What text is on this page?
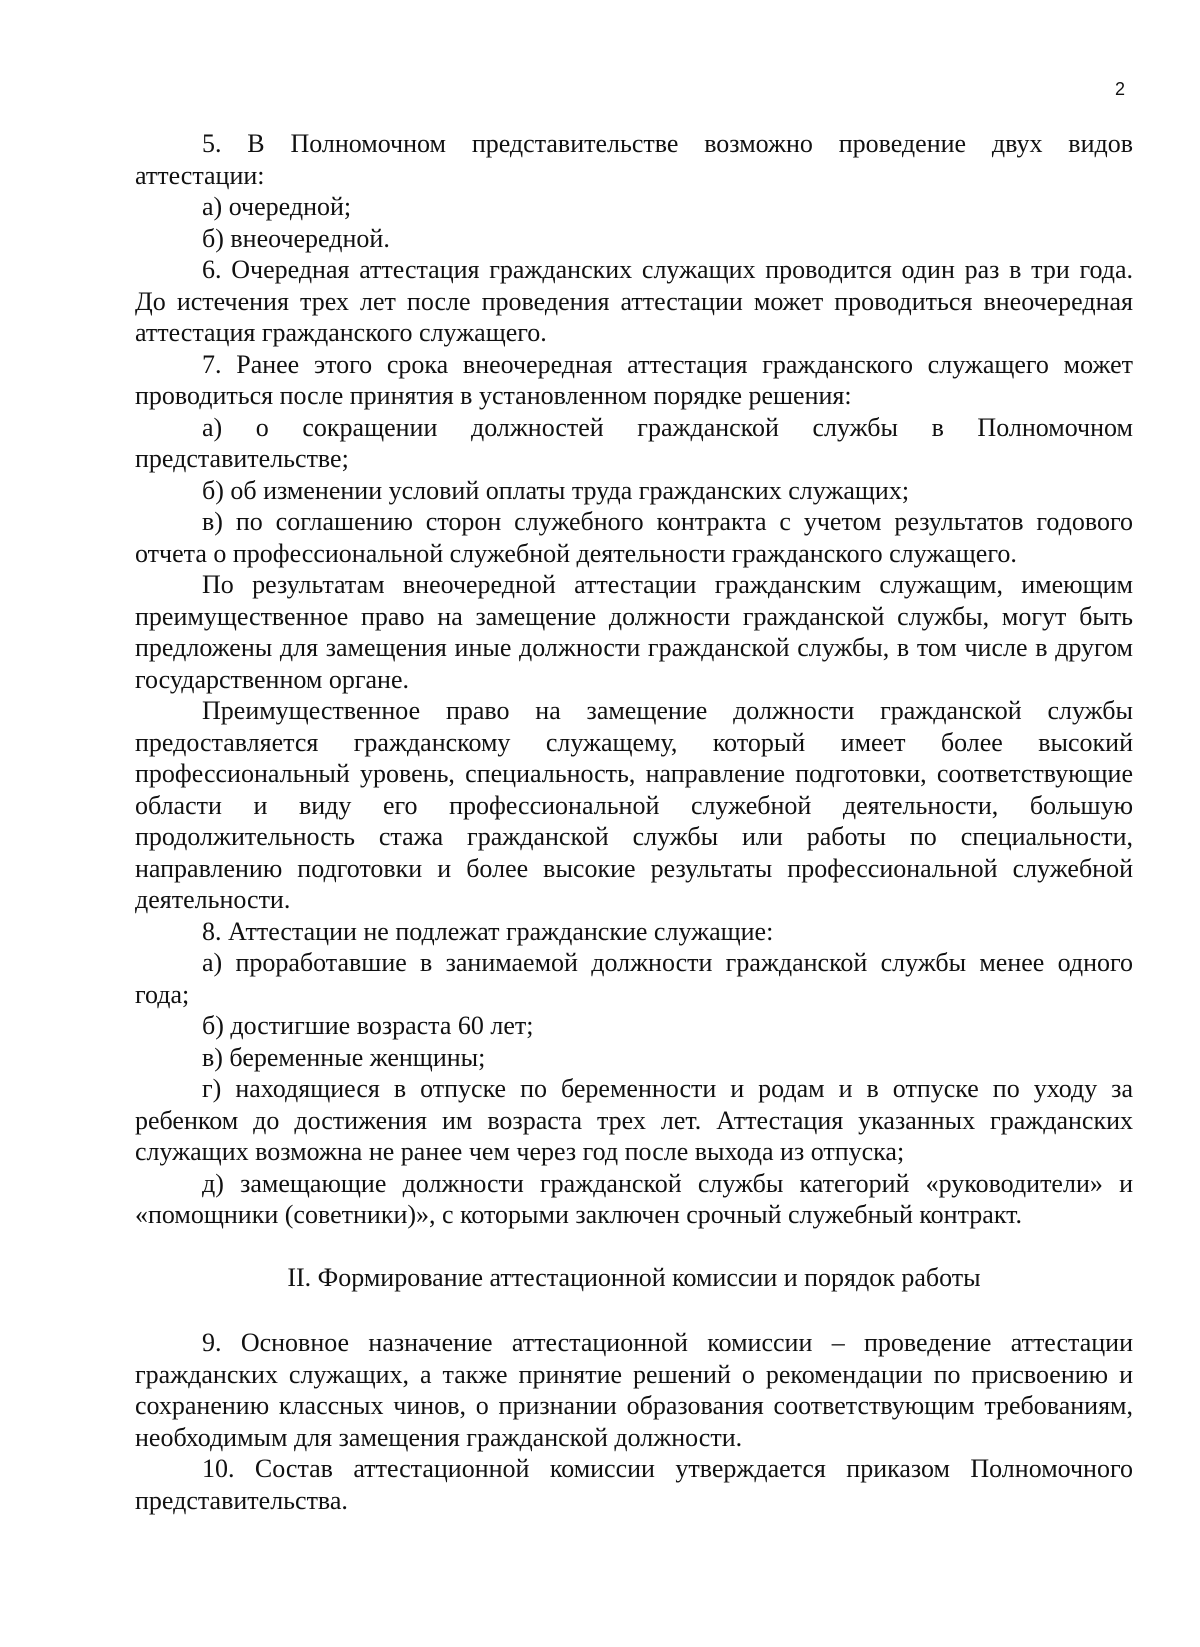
2

5. В Полномочном представительстве возможно проведение двух видов аттестации:

а) очередной;

б) внеочередной.

6. Очередная аттестация гражданских служащих проводится один раз в три года. До истечения трех лет после проведения аттестации может проводиться внеочередная аттестация гражданского служащего.

7. Ранее этого срока внеочередная аттестация гражданского служащего может проводиться после принятия в установленном порядке решения:

а) о сокращении должностей гражданской службы в Полномочном представительстве;

б) об изменении условий оплаты труда гражданских служащих;

в) по соглашению сторон служебного контракта с учетом результатов годового отчета о профессиональной служебной деятельности гражданского служащего.

По результатам внеочередной аттестации гражданским служащим, имеющим преимущественное право на замещение должности гражданской службы, могут быть предложены для замещения иные должности гражданской службы, в том числе в другом государственном органе.

Преимущественное право на замещение должности гражданской службы предоставляется гражданскому служащему, который имеет более высокий профессиональный уровень, специальность, направление подготовки, соответствующие области и виду его профессиональной служебной деятельности, большую продолжительность стажа гражданской службы или работы по специальности, направлению подготовки и более высокие результаты профессиональной служебной деятельности.

8. Аттестации не подлежат гражданские служащие:

а) проработавшие в занимаемой должности гражданской службы менее одного года;

б) достигшие возраста 60 лет;

в) беременные женщины;

г) находящиеся в отпуске по беременности и родам и в отпуске по уходу за ребенком до достижения им возраста трех лет. Аттестация указанных гражданских служащих возможна не ранее чем через год после выхода из отпуска;

д) замещающие должности гражданской службы категорий «руководители» и «помощники (советники)», с которыми заключен срочный служебный контракт.

II. Формирование аттестационной комиссии и порядок работы

9. Основное назначение аттестационной комиссии – проведение аттестации гражданских служащих, а также принятие решений о рекомендации по присвоению и сохранению классных чинов, о признании образования соответствующим требованиям, необходимым для замещения гражданской должности.

10. Состав аттестационной комиссии утверждается приказом Полномочного представительства.
